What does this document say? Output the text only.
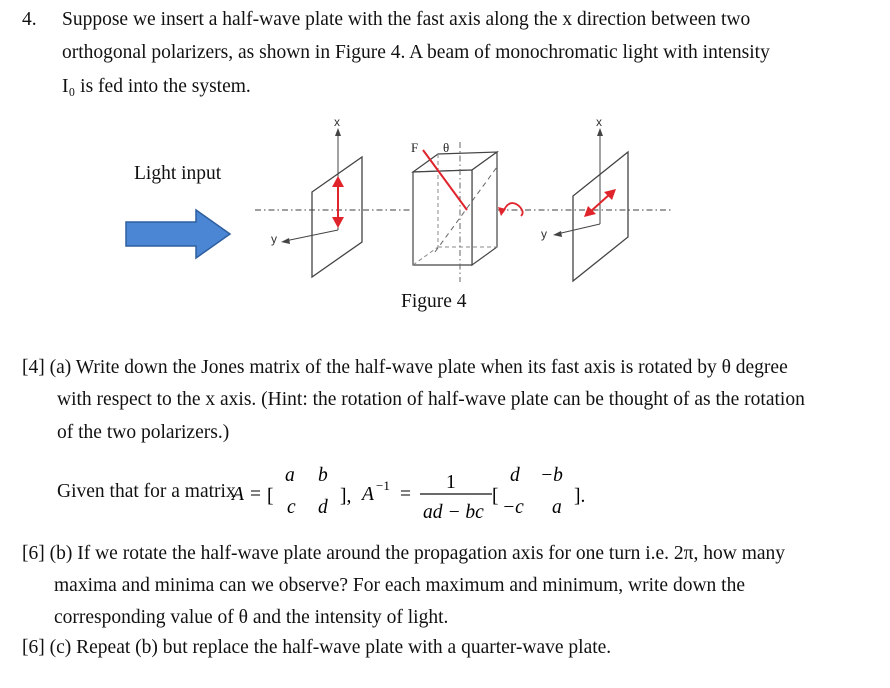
4. Suppose we insert a half-wave plate with the fast axis along the x direction between two
orthogonal polarizers, as shown in Figure 4. A beam of monochromatic light with intensity
I₀ is fed into the system.
Light input
x
y
F θ
x
y
Figure 4
[4] (a) Write down the Jones matrix of the half-wave plate when its fast axis is rotated by θ degree
with respect to the x axis. (Hint: the rotation of half-wave plate can be thought of as the rotation
of the two polarizers.)
Given that for a matrix
A = [
a b
c d
], A −1 =
1
ad − bc
[
d −b
−c a
].
[6] (b) If we rotate the half-wave plate around the propagation axis for one turn i.e. 2π, how many
maxima and minima can we observe? For each maximum and minimum, write down the
corresponding value of θ and the intensity of light.
[6] (c) Repeat (b) but replace the half-wave plate with a quarter-wave plate.
